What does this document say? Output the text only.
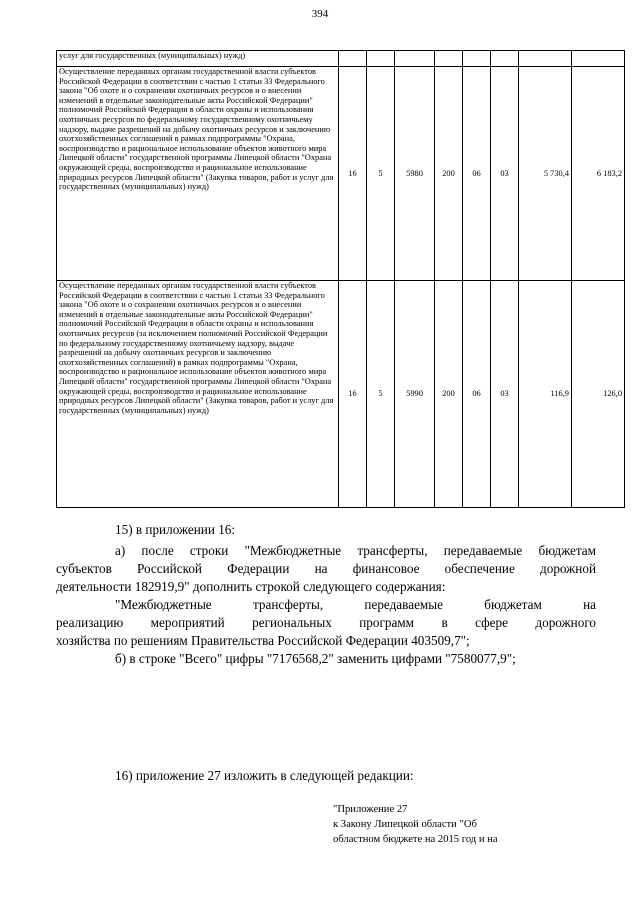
394
услуг для государственных (муниципальных) нужд)								
Осуществление переданных органам государственной власти субъектов Российской Федерации в соответствии с частью 1 статьи 33 Федерального закона "Об охоте и о сохранении охотничьих ресурсов и о внесении изменений в отдельные законодательные акты Российской Федерации" полномочий Российской Федерации в области охраны и использования охотничьих ресурсов по федеральному государственному охотничьему надзору, выдаче разрешений на добычу охотничьих ресурсов и заключению охотхозяйственных соглашений в рамках подпрограммы "Охрана, воспроизводство и рациональное использование объектов животного мира Липецкой области" государственной программы Липецкой области "Охрана окружающей среды, воспроизводство и рациональное использование природных ресурсов Липецкой области" (Закупка товаров, работ и услуг для государственных (муниципальных) нужд)	16	5	5980	200	06	03	5 730,4	6 183,2
Осуществление переданных органам государственной власти субъектов Российской Федерации в соответствии с частью 1 статьи 33 Федерального закона "Об охоте и о сохранении охотничьих ресурсов и о внесении изменений в отдельные законодательные акты Российской Федерации" полномочий Российской Федерации в области охраны и использования охотничьих ресурсов (за исключением полномочий Российской Федерации по федеральному государственному охотничьему надзору, выдаче разрешений на добычу охотничьих ресурсов и заключению охотхозяйственных соглашений) в рамках подпрограммы "Охрана, воспроизводство и рациональное использование объектов животного мира Липецкой области" государственной программы Липецкой области "Охрана окружающей среды, воспроизводство и рациональное использование природных ресурсов Липецкой области" (Закупка товаров, работ и услуг для государственных (муниципальных) нужд)	16	5	5990	200	06	03	116,9	126,0
15) в приложении 16:
а) после строки "Межбюджетные трансферты, передаваемые бюджетам
субъектов Российской Федерации на финансовое обеспечение дорожной
деятельности 182919,9" дополнить строкой следующего содержания:
"Межбюджетные трансферты, передаваемые бюджетам на
реализацию мероприятий региональных программ в сфере дорожного
хозяйства по решениям Правительства Российской Федерации 403509,7";
б) в строке "Всего" цифры "7176568,2" заменить цифрами "7580077,9";
16) приложение 27 изложить в следующей редакции:
"Приложение 27
к Закону Липецкой области "Об
областном бюджете на 2015 год и на
